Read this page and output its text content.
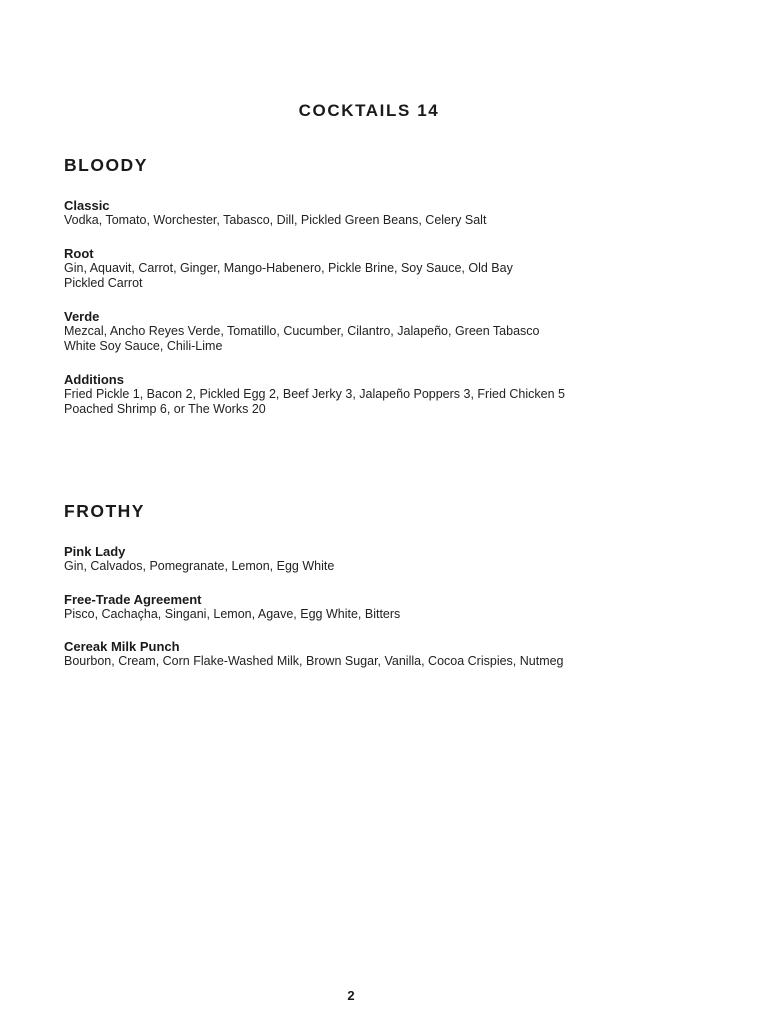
COCKTAILS 14
BLOODY

Classic

Vodka, Tomato, Worchester, Tabasco, Dill, Pickled Green Beans, Celery Salt

Root

Gin, Aquavit, Carrot, Ginger, Mango-Habenero, Pickle Brine, Soy Sauce, Old Bay

Pickled Carrot

Verde

Mezcal, Ancho Reyes Verde, Tomatillo, Cucumber, Cilantro, Jalapeño, Green Tabasco

White Soy Sauce, Chili-Lime

Additions

Fried Pickle 1, Bacon 2, Pickled Egg 2, Beef Jerky 3, Jalapeño Poppers 3, Fried Chicken 5

Poached Shrimp 6, or The Works 20

FROTHY

Pink Lady

Gin, Calvados, Pomegranate, Lemon, Egg White

Free-Trade Agreement

Pisco, Cachaçha, Singani, Lemon, Agave, Egg White, Bitters

Cereak Milk Punch

Bourbon, Cream, Corn Flake-Washed Milk, Brown Sugar, Vanilla, Cocoa Crispies, Nutmeg

2
